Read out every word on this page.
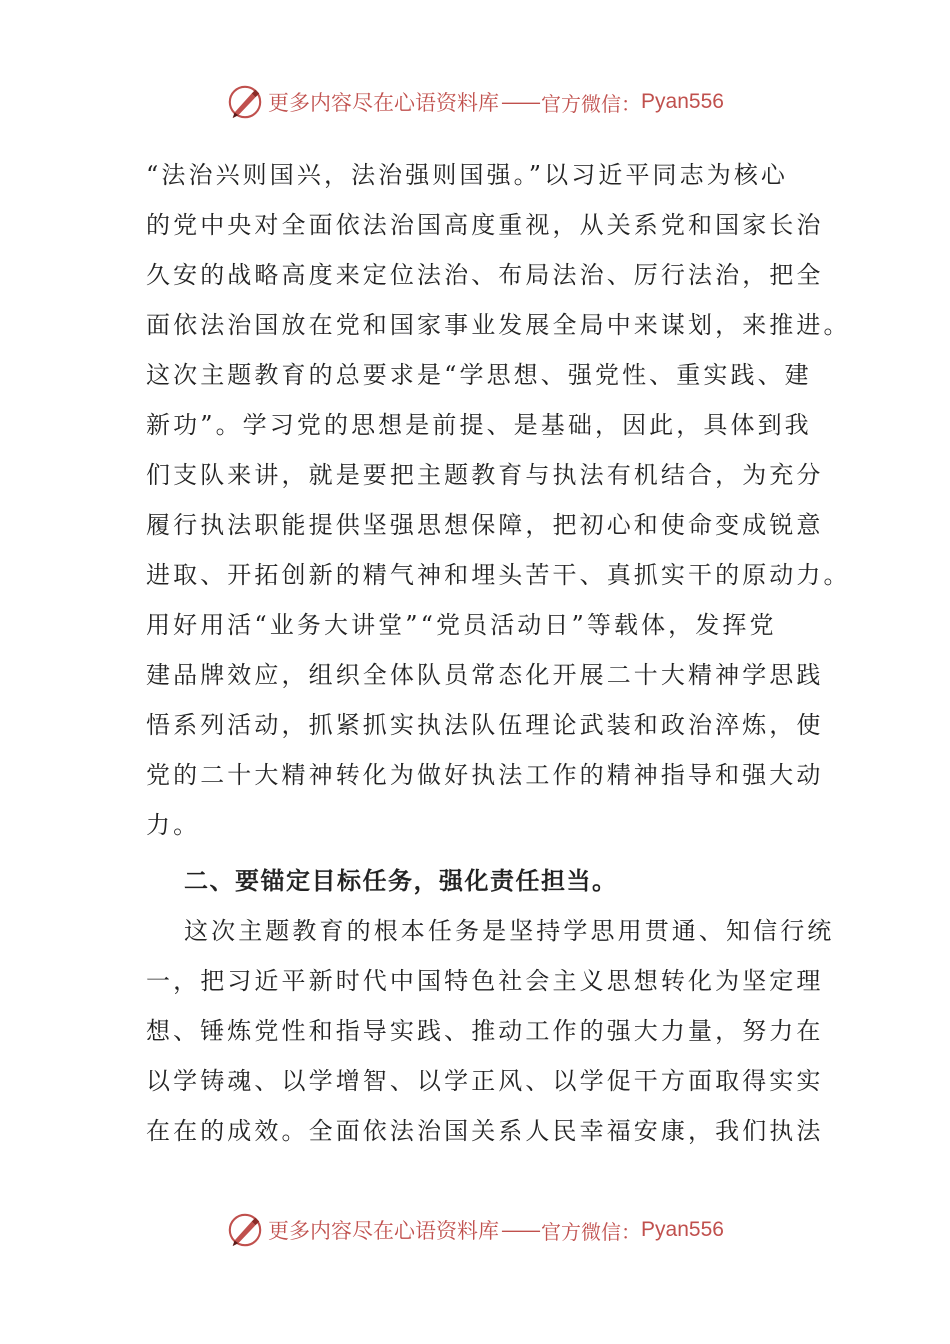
更多内容尽在心语资料库 —— 官方微信： Pyan556
“法治兴则国兴，法治强则国强。”以习近平同志为核心
的党中央对全面依法治国高度重视，从关系党和国家长治
久安的战略高度来定位法治、布局法治、厉行法治，把全
面依法治国放在党和国家事业发展全局中来谋划，来推进。
这次主题教育的总要求是“学思想、强党性、重实践、建
新功”。学习党的思想是前提、是基础，因此，具体到我
们支队来讲，就是要把主题教育与执法有机结合，为充分
履行执法职能提供坚强思想保障，把初心和使命变成锐意
进取、开拓创新的精气神和埋头苦干、真抓实干的原动力。
用好用活“业务大讲堂”“党员活动日”等载体，发挥党
建品牌效应，组织全体队员常态化开展二十大精神学思践
悟系列活动，抓紧抓实执法队伍理论武装和政治淬炼，使
党的二十大精神转化为做好执法工作的精神指导和强大动
力。
二、要锚定目标任务，强化责任担当。
这次主题教育的根本任务是坚持学思用贯通、知信行统
一，把习近平新时代中国特色社会主义思想转化为坚定理
想、锤炼党性和指导实践、推动工作的强大力量，努力在
以学铸魂、以学增智、以学正风、以学促干方面取得实实
在在的成效。全面依法治国关系人民幸福安康，我们执法
更多内容尽在心语资料库 —— 官方微信： Pyan556
